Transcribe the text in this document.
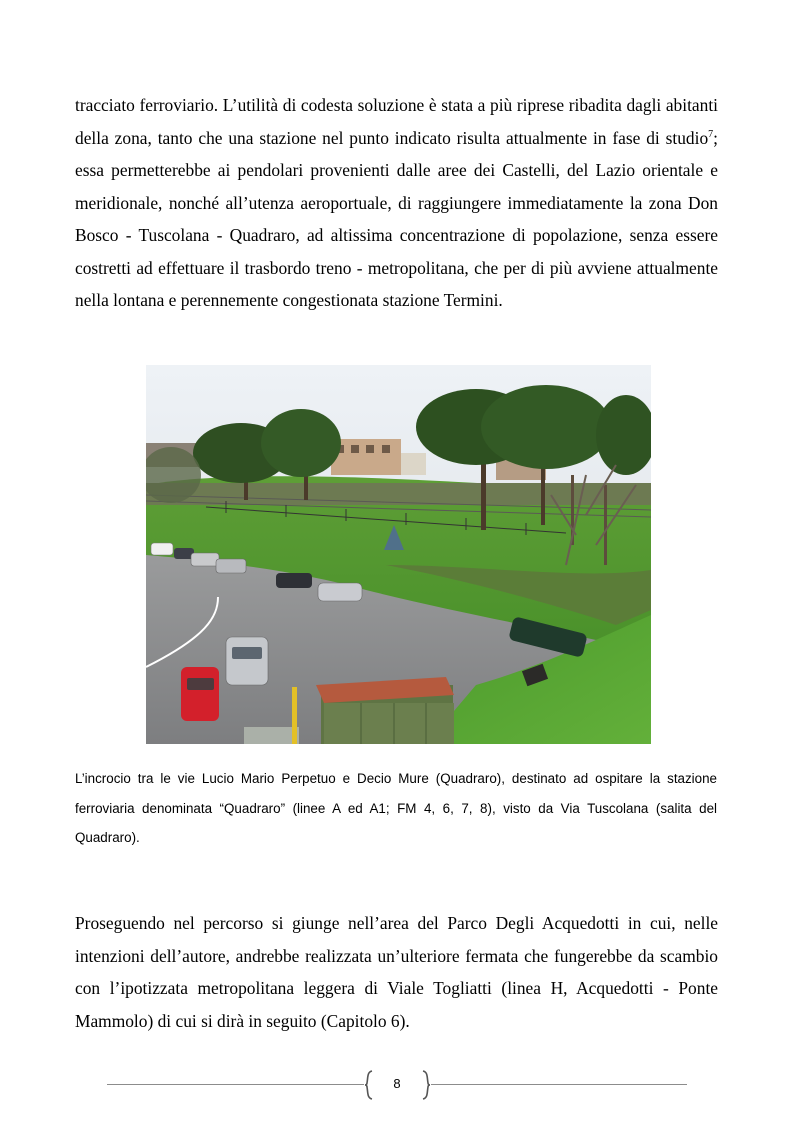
tracciato ferroviario. L’utilità di codesta soluzione è stata a più riprese ribadita dagli abitanti della zona, tanto che una stazione nel punto indicato risulta attualmente in fase di studio$^7$; essa permetterebbe ai pendolari provenienti dalle aree dei Castelli, del Lazio orientale e meridionale, nonché all’utenza aeroportuale, di raggiungere immediatamente la zona Don Bosco - Tuscolana - Quadraro, ad altissima concentrazione di popolazione, senza essere costretti ad effettuare il trasbordo treno - metropolitana, che per di più avviene attualmente nella lontana e perennemente congestionata stazione Termini.

L’incrocio tra le vie Lucio Mario Perpetuo e Decio Mure (Quadraro), destinato ad ospitare la stazione ferroviaria denominata “Quadraro” (linee A ed A1; FM 4, 6, 7, 8), visto da Via Tuscolana (salita del Quadraro).

Proseguendo nel percorso si giunge nell’area del Parco Degli Acquedotti in cui, nelle intenzioni dell’autore, andrebbe realizzata un’ulteriore fermata che fungerebbe da scambio con l’ipotizzata metropolitana leggera di Viale Togliatti (linea H, Acquedotti - Ponte Mammolo) di cui si dirà in seguito (Capitolo 6).

8
